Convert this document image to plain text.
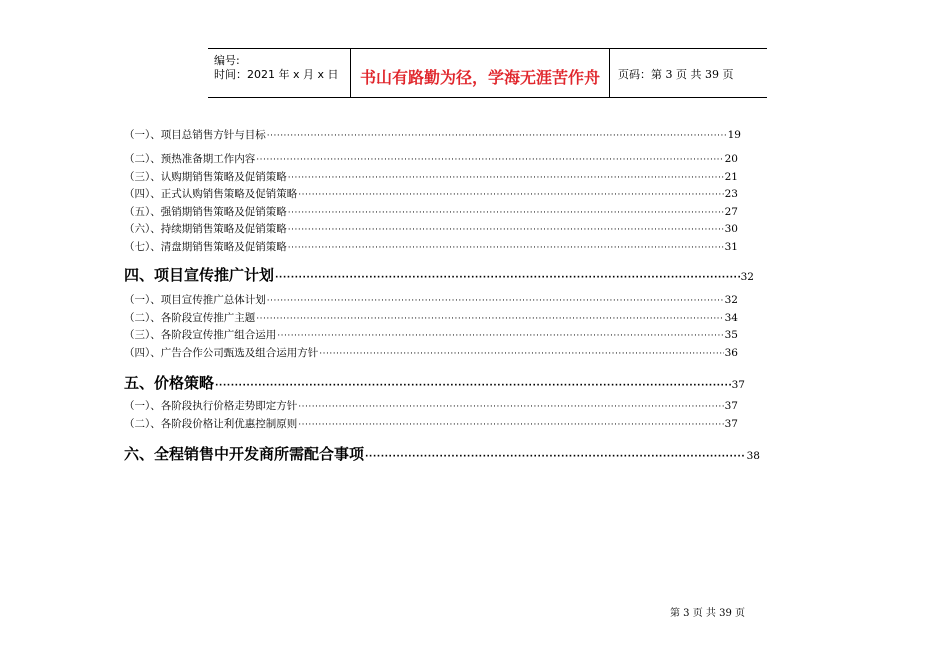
编号:
时间：2021 年 x 月 x 日	书山有路勤为径，学海无涯苦作舟	页码：第 3 页 共 39 页
（一）、项目总销售方针与目标 ·····	19
（二）、预热准备期工作内容 ·····	20
（三）、认购期销售策略及促销策略 ·····	21
（四）、正式认购销售策略及促销策略 ·····	23
（五）、强销期销售策略及促销策略 ·····	27
（六）、持续期销售策略及促销策略 ·····	30
（七）、清盘期销售策略及促销策略 ·····	31
四、项目宣传推广计划 ·····	32
（一）、项目宣传推广总体计划 ·····	32
（二）、各阶段宣传推广主题 ·····	34
（三）、各阶段宣传推广组合运用 ·····	35
（四）、广告合作公司甄选及组合运用方针 ·····	36
五、价格策略 ·····	37
（一）、各阶段执行价格走势即定方针 ·····	37
（二）、各阶段价格让利优惠控制原则 ·····	37
六、全程销售中开发商所需配合事项 ·····	38
第 3 页 共 39 页
